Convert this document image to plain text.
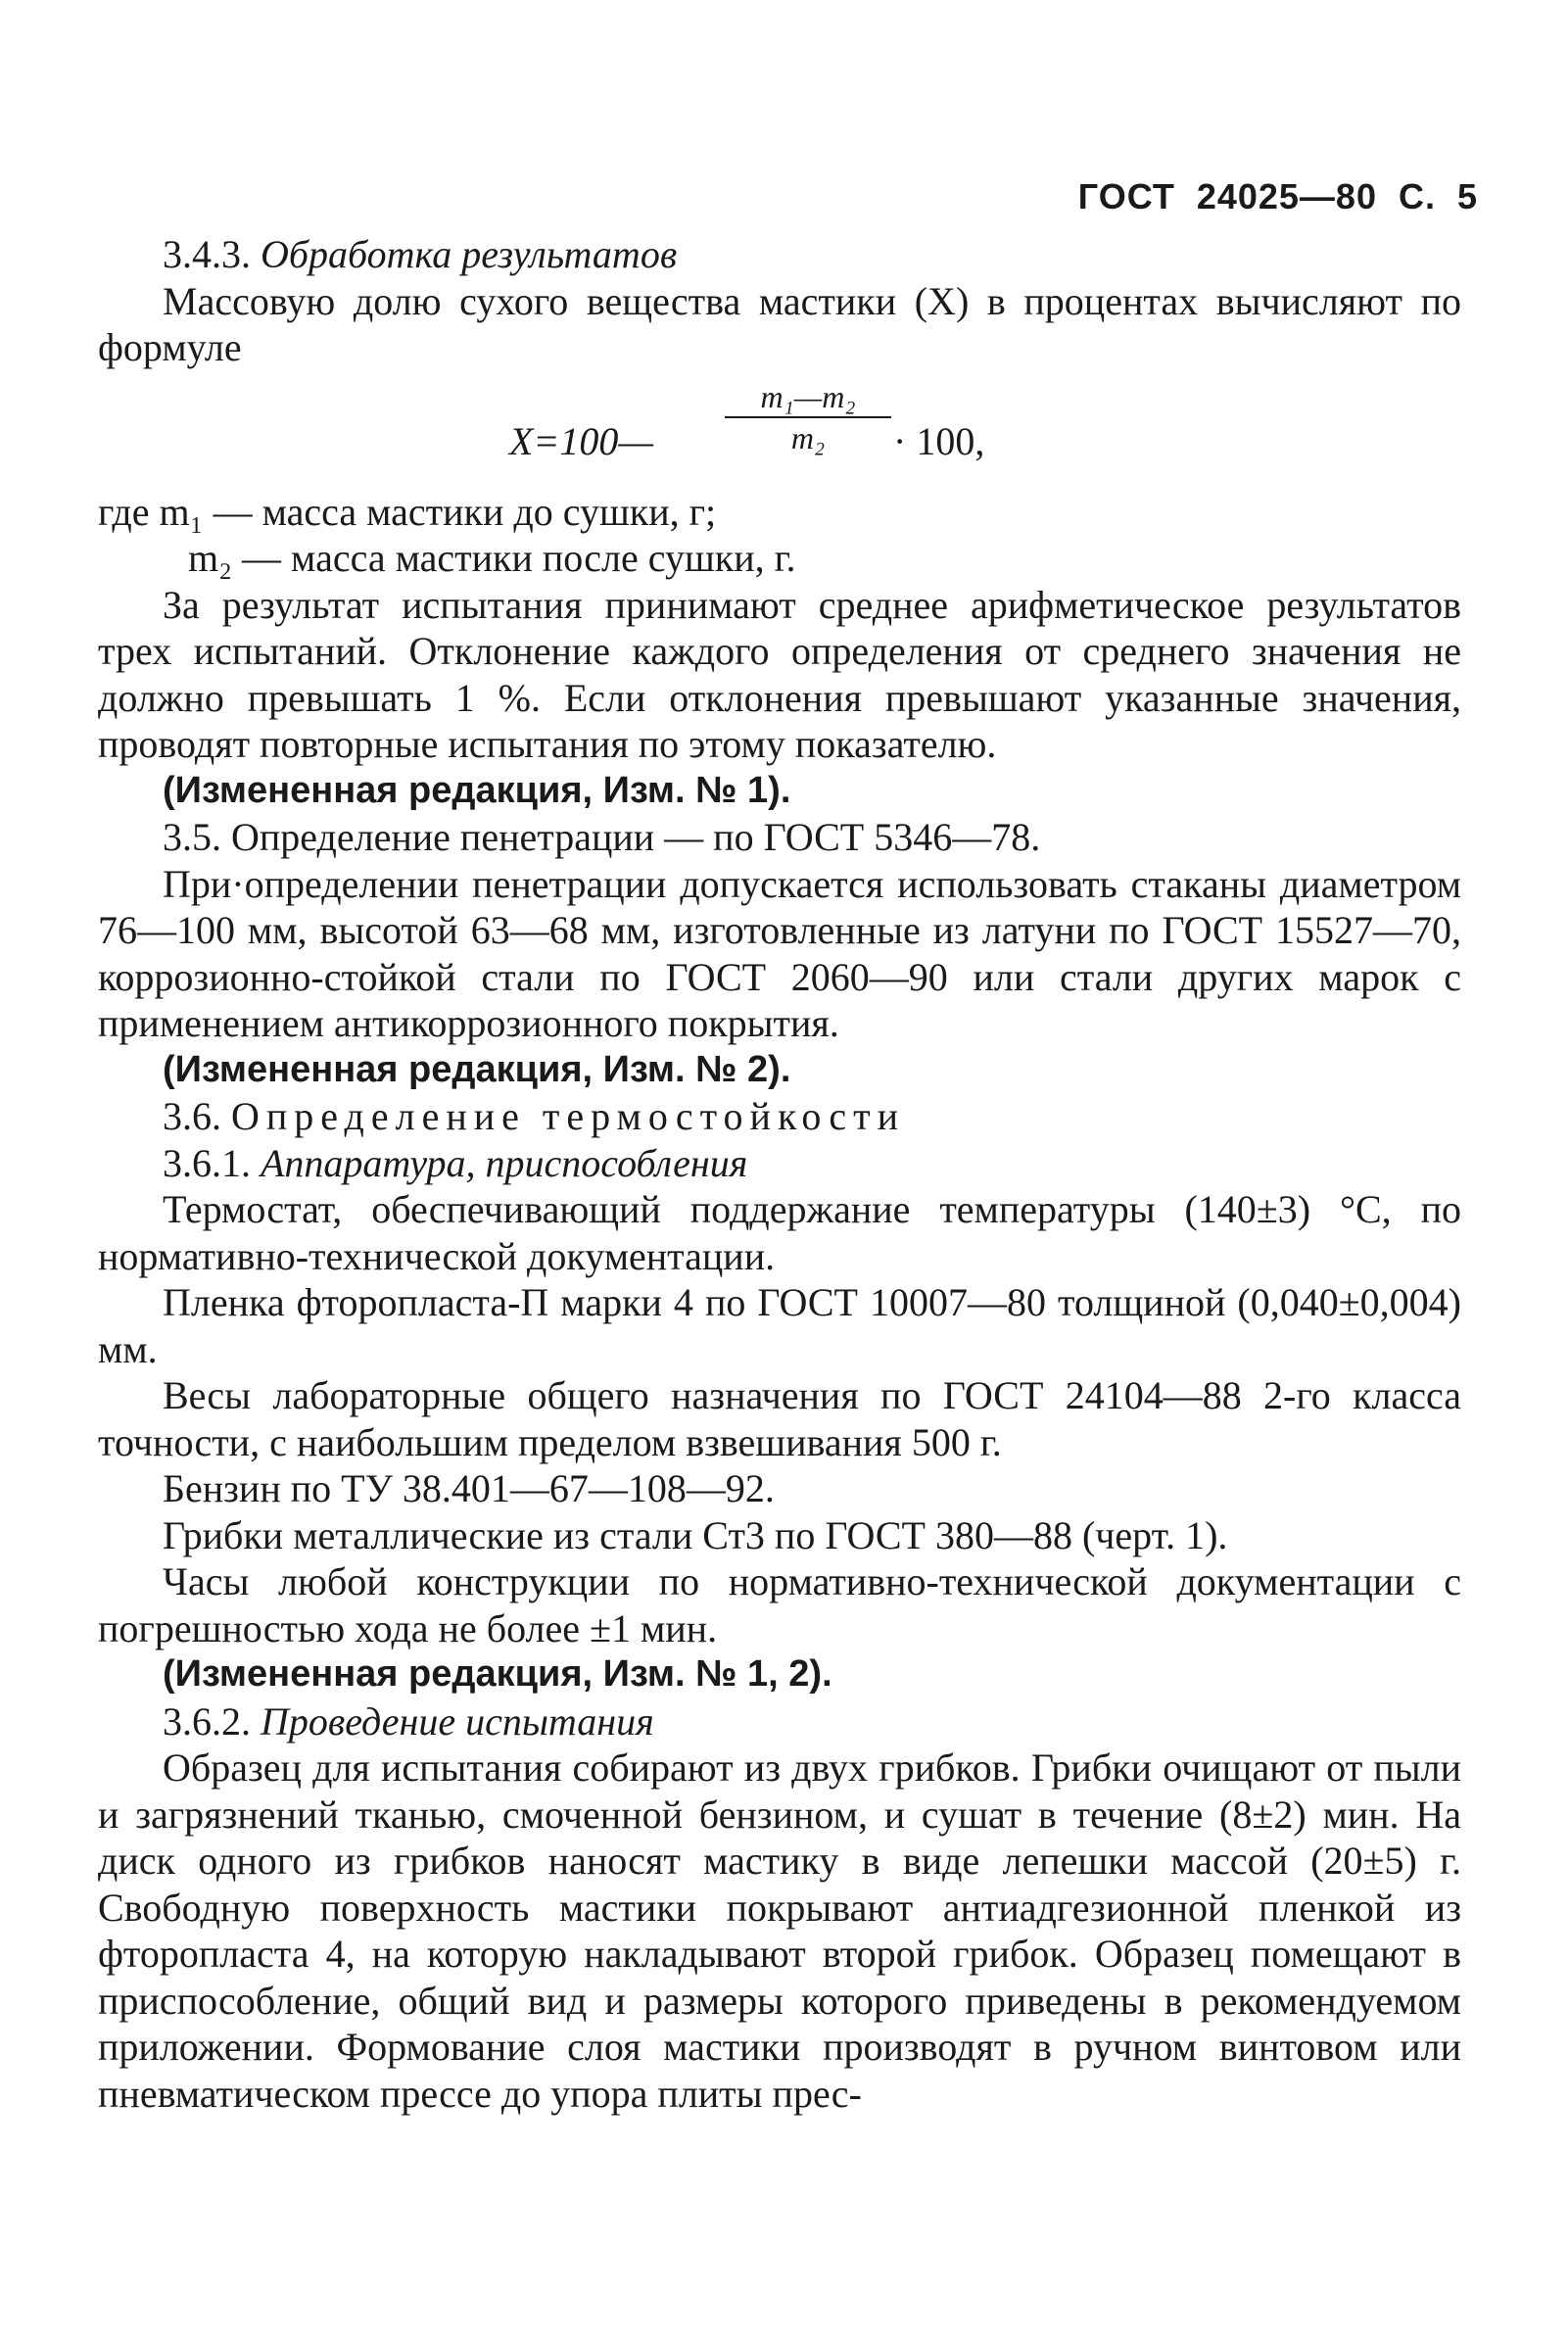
ГОСТ  24025—80  С.  5

3.4.3. Обработка результатов

Массовую долю сухого вещества мастики (X) в процентах вычисляют по формуле

X=100— $\frac{\text{m₁—m₂}}{\text{m₂}} \cdot 100$,

где m₁ — масса мастики до сушки, г;

m₂ — масса мастики после сушки, г.

За результат испытания принимают среднее арифметическое результатов трех испытаний. Отклонение каждого определения от среднего значения не должно превышать 1 %. Если отклонения превышают указанные значения, проводят повторные испытания по этому показателю.

(Измененная редакция, Изм. № 1).

3.5. Определение пенетрации — по ГОСТ 5346—78.

При·определении пенетрации допускается использовать стаканы диаметром 76—100 мм, высотой 63—68 мм, изготовленные из латуни по ГОСТ 15527—70, коррозионно-стойкой стали по ГОСТ 2060—90 или стали других марок с применением антикоррозионного покрытия.

(Измененная редакция, Изм. № 2).

3.6. Определение термостойкости

3.6.1. Аппаратура, приспособления

Термостат, обеспечивающий поддержание температуры (140±3) °С, по нормативно-технической документации.

Пленка фторопласта-П марки 4 по ГОСТ 10007—80 толщиной (0,040±0,004) мм.

Весы лабораторные общего назначения по ГОСТ 24104—88 2-го класса точности, с наибольшим пределом взвешивания 500 г.

Бензин по ТУ 38.401—67—108—92.

Грибки металлические из стали Ст3 по ГОСТ 380—88 (черт. 1).

Часы любой конструкции по нормативно-технической документации с погрешностью хода не более ±1 мин.

(Измененная редакция, Изм. № 1, 2).

3.6.2. Проведение испытания

Образец для испытания собирают из двух грибков. Грибки очищают от пыли и загрязнений тканью, смоченной бензином, и сушат в течение (8±2) мин. На диск одного из грибков наносят мастику в виде лепешки массой (20±5) г. Свободную поверхность мастики покрывают антиадгезионной пленкой из фторопласта 4, на которую накладывают второй грибок. Образец помещают в приспособление, общий вид и размеры которого приведены в рекомендуемом приложении. Формование слоя мастики производят в ручном винтовом или пневматическом прессе до упора плиты прес-
